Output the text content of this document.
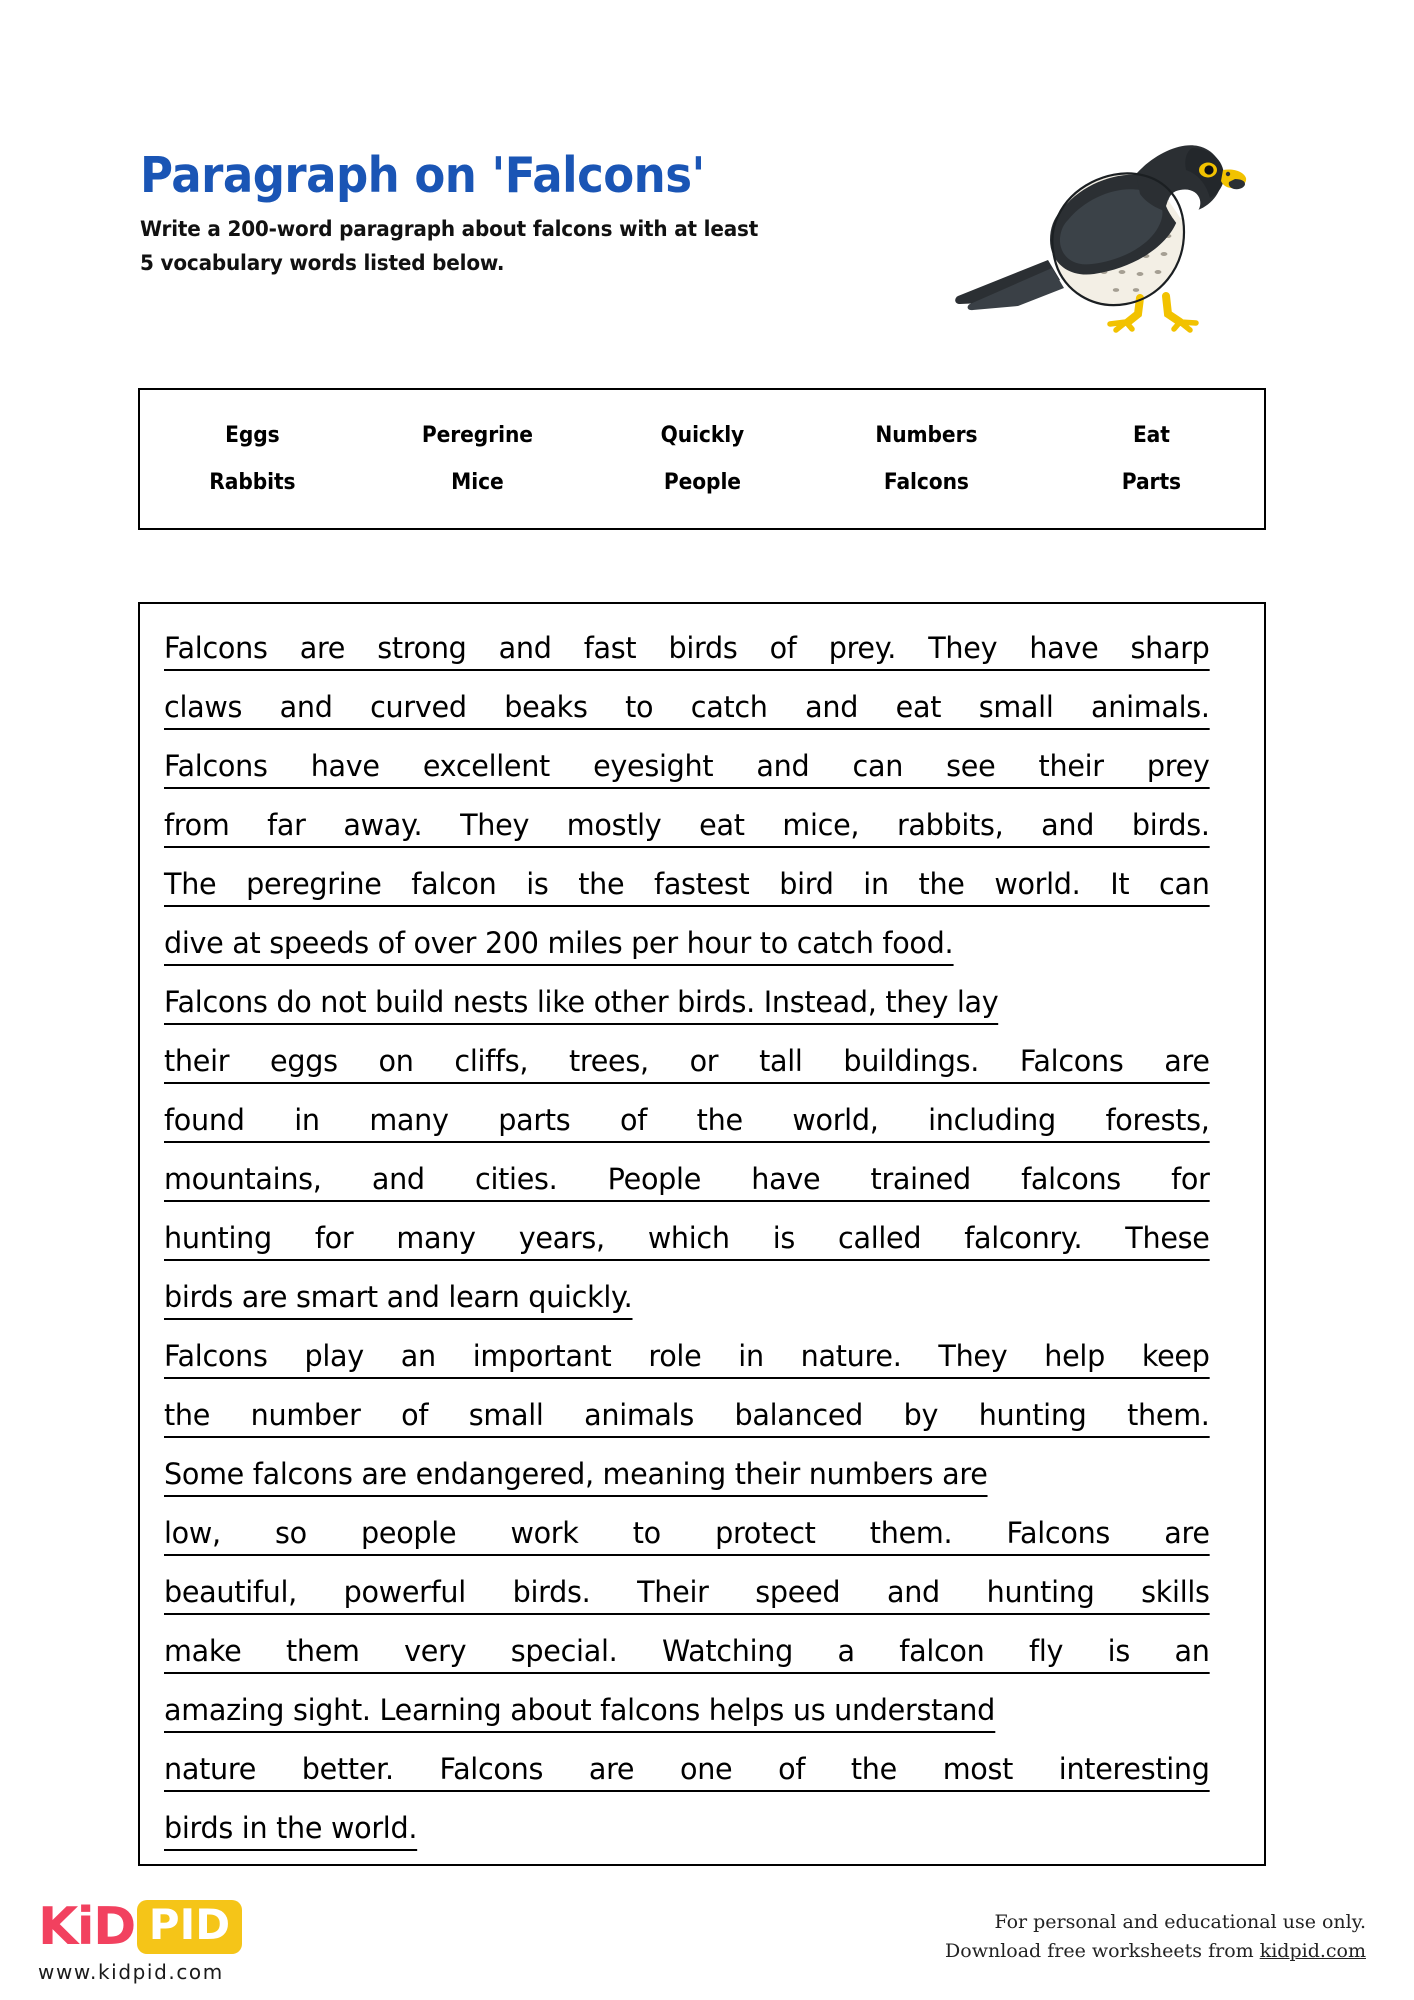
Paragraph on 'Falcons'
Write a 200-word paragraph about falcons with at least
5 vocabulary words listed below.
Eggs	Peregrine	Quickly	Numbers	Eat
Rabbits	Mice	People	Falcons	Parts
Falcons are strong and fast birds of prey. They have sharp
claws and curved beaks to catch and eat small animals.
Falcons have excellent eyesight and can see their prey
from far away. They mostly eat mice, rabbits, and birds.
The peregrine falcon is the fastest bird in the world. It can
dive at speeds of over 200 miles per hour to catch food.
Falcons do not build nests like other birds. Instead, they lay
their eggs on cliffs, trees, or tall buildings. Falcons are
found in many parts of the world, including forests,
mountains, and cities. People have trained falcons for
hunting for many years, which is called falconry. These
birds are smart and learn quickly.
Falcons play an important role in nature. They help keep
the number of small animals balanced by hunting them.
Some falcons are endangered, meaning their numbers are
low, so people work to protect them. Falcons are
beautiful, powerful birds. Their speed and hunting skills
make them very special. Watching a falcon fly is an
amazing sight. Learning about falcons helps us understand
nature better. Falcons are one of the most interesting
birds in the world.
KiD PID
www.kidpid.com
For personal and educational use only.
Download free worksheets from kidpid.com
